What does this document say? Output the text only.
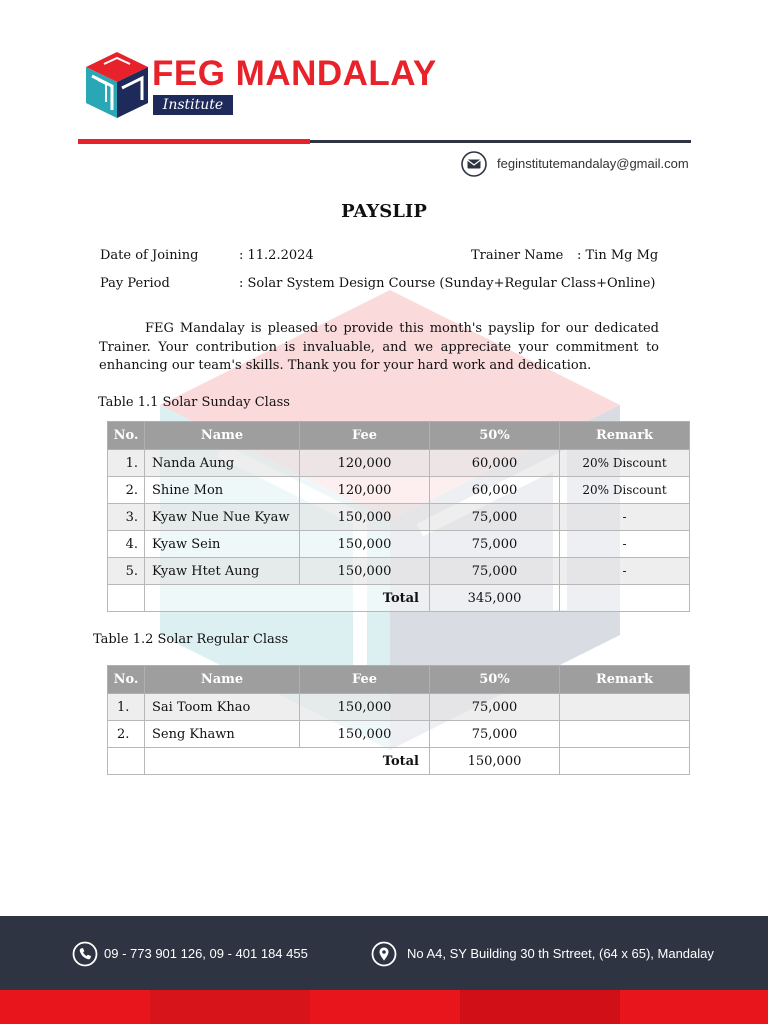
FEG MANDALAY
Institute
feginstitutemandalay@gmail.com
PAYSLIP
Date of Joining	: 11.2.2024	Trainer Name : Tin Mg Mg
Pay Period	: Solar System Design Course (Sunday+Regular Class+Online)
FEG Mandalay is pleased to provide this month's payslip for our dedicated Trainer. Your contribution is invaluable, and we appreciate your commitment to enhancing our team's skills. Thank you for your hard work and dedication.
Table 1.1 Solar Sunday Class
No.	Name	Fee	50%	Remark
1.	Nanda Aung	120,000	60,000	20% Discount
2.	Shine Mon	120,000	60,000	20% Discount
3.	Kyaw Nue Nue Kyaw	150,000	75,000	-
4.	Kyaw Sein	150,000	75,000	-
5.	Kyaw Htet Aung	150,000	75,000	-
	Total		345,000	
Table 1.2 Solar Regular Class
No.	Name	Fee	50%	Remark
1.	Sai Toom Khao	150,000	75,000	
2.	Seng Khawn	150,000	75,000	
	Total		150,000	
09 - 773 901 126, 09 - 401 184 455	No A4, SY Building 30 th Srtreet, (64 x 65), Mandalay
